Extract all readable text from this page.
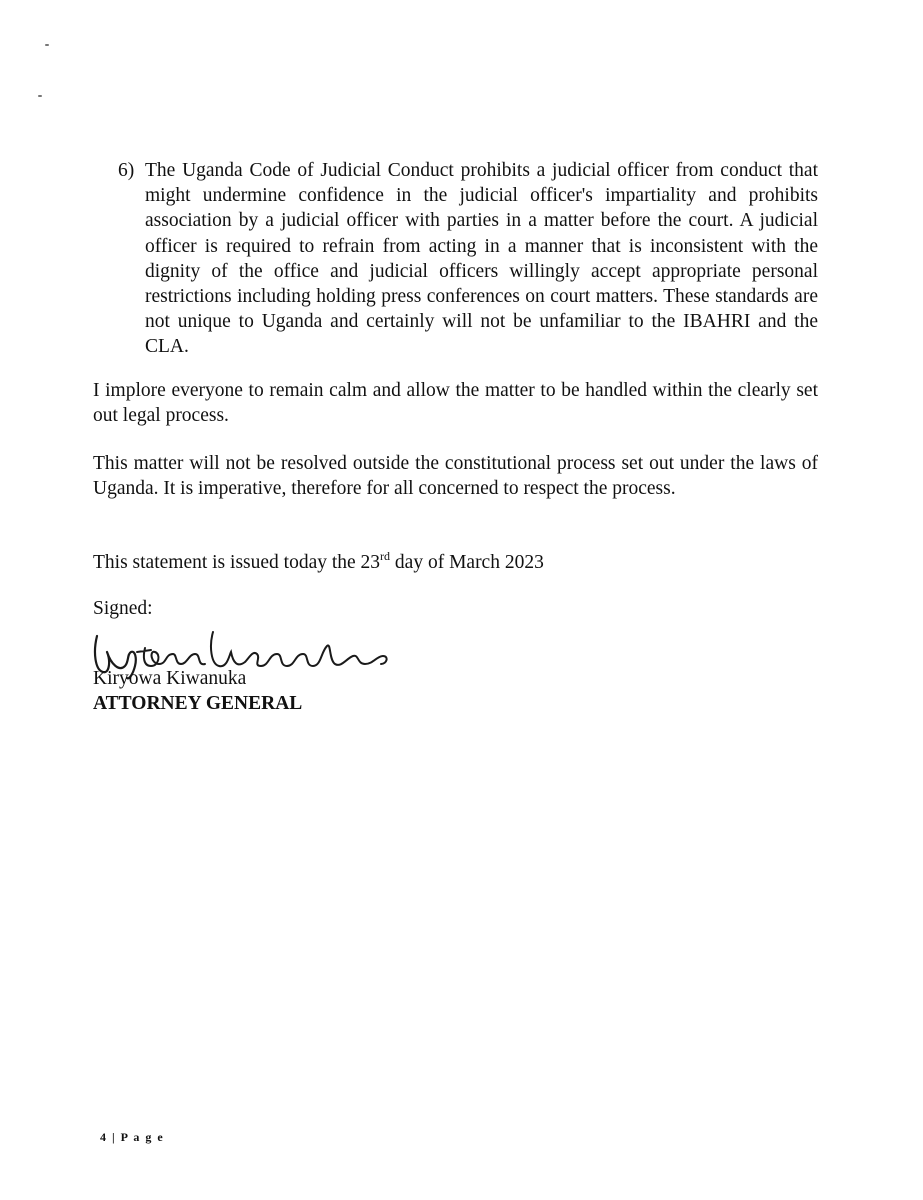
6) The Uganda Code of Judicial Conduct prohibits a judicial officer from conduct that might undermine confidence in the judicial officer's impartiality and prohibits association by a judicial officer with parties in a matter before the court. A judicial officer is required to refrain from acting in a manner that is inconsistent with the dignity of the office and judicial officers willingly accept appropriate personal restrictions including holding press conferences on court matters. These standards are not unique to Uganda and certainly will not be unfamiliar to the IBAHRI and the CLA.
I implore everyone to remain calm and allow the matter to be handled within the clearly set out legal process.
This matter will not be resolved outside the constitutional process set out under the laws of Uganda. It is imperative, therefore for all concerned to respect the process.
This statement is issued today the 23rd day of March 2023
Signed:
Kiryowa Kiwanuka
ATTORNEY GENERAL
4 | P a g e
